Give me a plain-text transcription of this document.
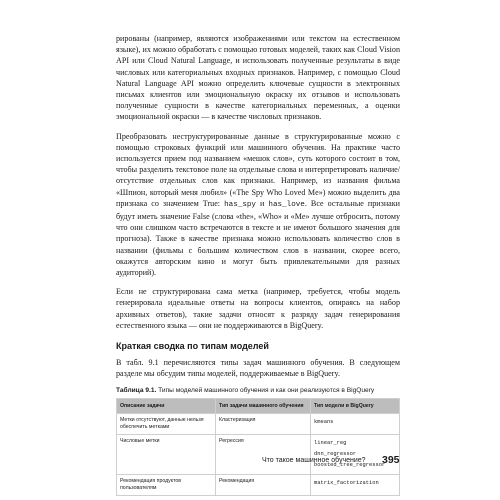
рированы (например, являются изображениями или текстом на естественном языке), их можно обработать с помощью готовых моделей, таких как Cloud Vision API или Cloud Natural Language, и использовать полученные результаты в виде числовых или категориальных входных признаков. Например, с помощью Cloud Natural Language API можно определить ключевые сущности в электронных письмах клиентов или эмоциональную окраску их отзывов и использовать полученные сущности в качестве категориальных переменных, а оценки эмоциональной окраски — в качестве числовых признаков.

Преобразовать неструктурированные данные в структурированные можно с помощью строковых функций или машинного обучения. На практике часто используется прием под названием «мешок слов», суть которого состоит в том, чтобы разделить текстовое поле на отдельные слова и интерпретировать наличие/отсутствие отдельных слов как признаки. Например, из названия фильма «Шпион, который меня любил» («The Spy Who Loved Me») можно выделить два признака со значением True: has_spy и has_love. Все остальные признаки будут иметь значение False (слова «the», «Who» и «Me» лучше отбросить, потому что они слишком часто встречаются в тексте и не имеют большого значения для прогноза). Также в качестве признака можно использовать количество слов в названии (фильмы с большим количеством слов в названии, скорее всего, окажутся авторским кино и могут быть привлекательными для разных аудиторий).

Если не структурирована сама метка (например, требуется, чтобы модель генерировала идеальные ответы на вопросы клиентов, опираясь на набор архивных ответов), такие задачи относят к разряду задач генерирования естественного языка — они не поддерживаются в BigQuery.

Краткая сводка по типам моделей

В табл. 9.1 перечисляются типы задач машинного обучения. В следующем разделе мы обсудим типы моделей, поддерживаемые в BigQuery.

Таблица 9.1. Типы моделей машинного обучения и как они реализуются в BigQuery
Описание задачи	Тип задачи машинного обучения	Тип модели в BigQuery
Метки отсутствуют, данные нельзя обеспечить метками	Кластеризация	kmeans

Числовые метки	Регрессия	linear_reg
dnn_regressor
boosted_tree_regressor

Рекомендация продуктов пользователям	Рекомендация	matrix_factorization
Что такое машинное обучение? 395
